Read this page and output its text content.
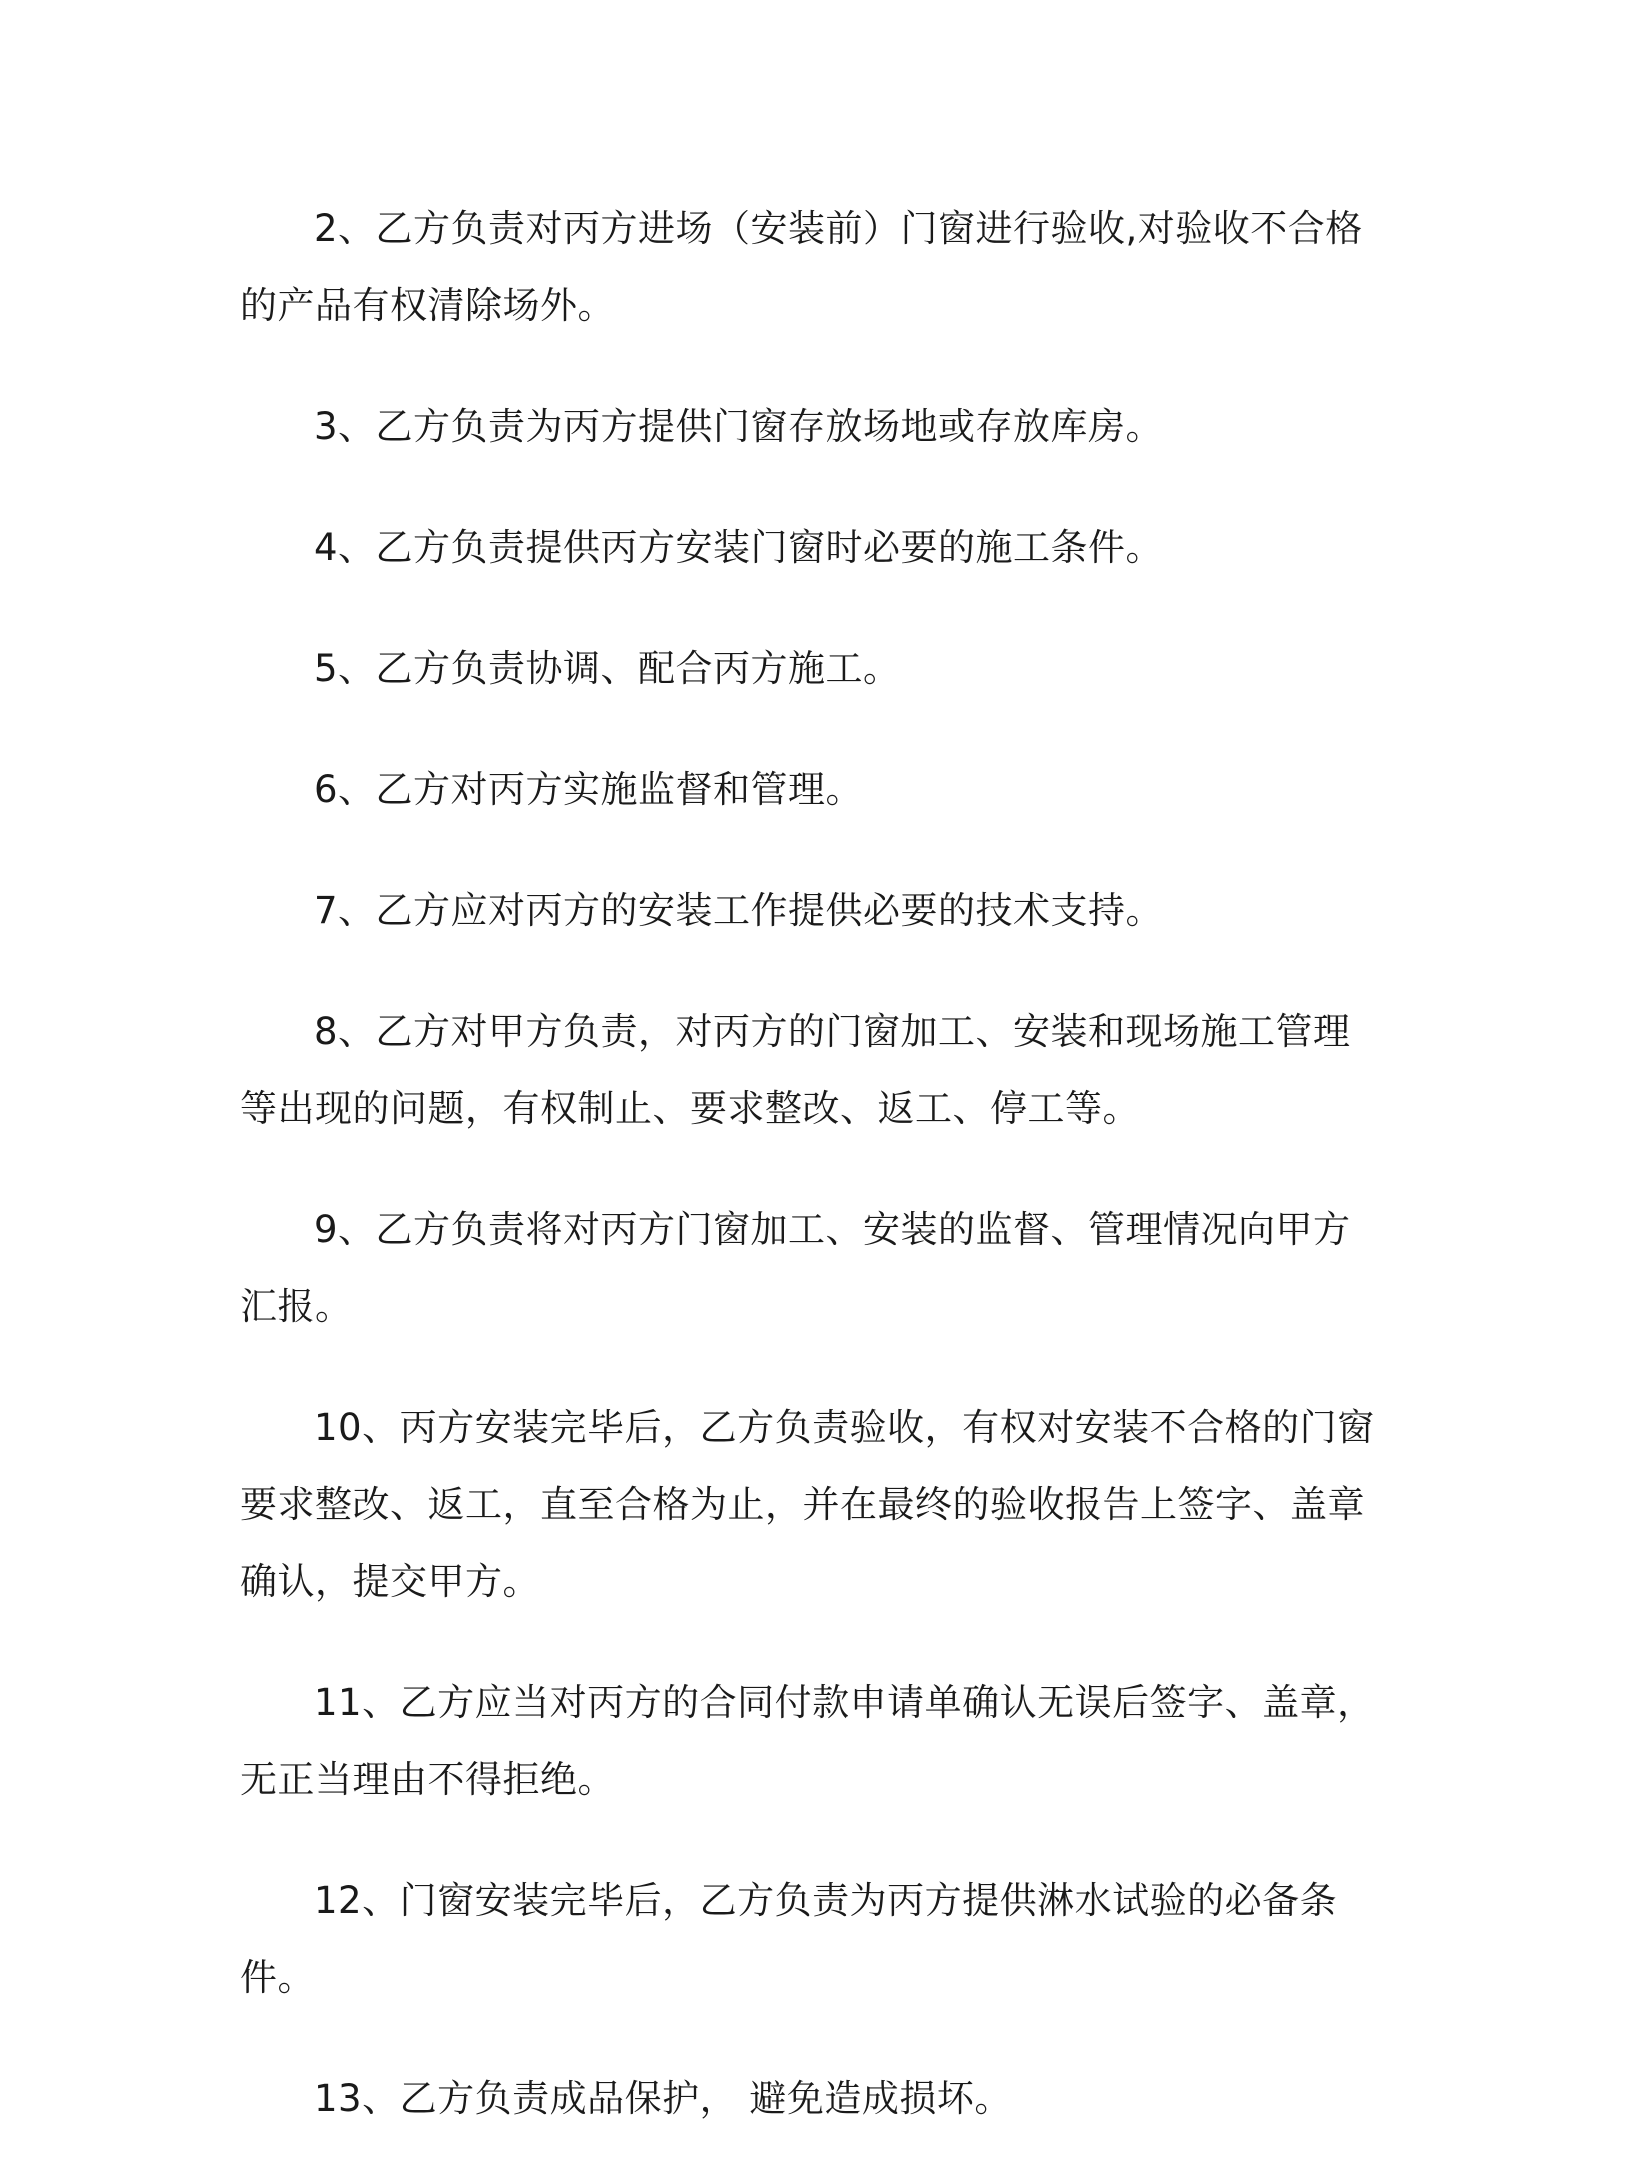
2、乙方负责对丙方进场（安装前）门窗进行验收,对验收不合格的产品有权清除场外。

3、乙方负责为丙方提供门窗存放场地或存放库房。

4、乙方负责提供丙方安装门窗时必要的施工条件。

5、乙方负责协调、配合丙方施工。

6、乙方对丙方实施监督和管理。

7、乙方应对丙方的安装工作提供必要的技术支持。

8、乙方对甲方负责，对丙方的门窗加工、安装和现场施工管理等出现的问题，有权制止、要求整改、返工、停工等。

9、乙方负责将对丙方门窗加工、安装的监督、管理情况向甲方汇报。

10、丙方安装完毕后，乙方负责验收，有权对安装不合格的门窗要求整改、返工，直至合格为止，并在最终的验收报告上签字、盖章确认，提交甲方。

11、乙方应当对丙方的合同付款申请单确认无误后签字、盖章，无正当理由不得拒绝。

12、门窗安装完毕后，乙方负责为丙方提供淋水试验的必备条件。

13、乙方负责成品保护， 避免造成损坏。
